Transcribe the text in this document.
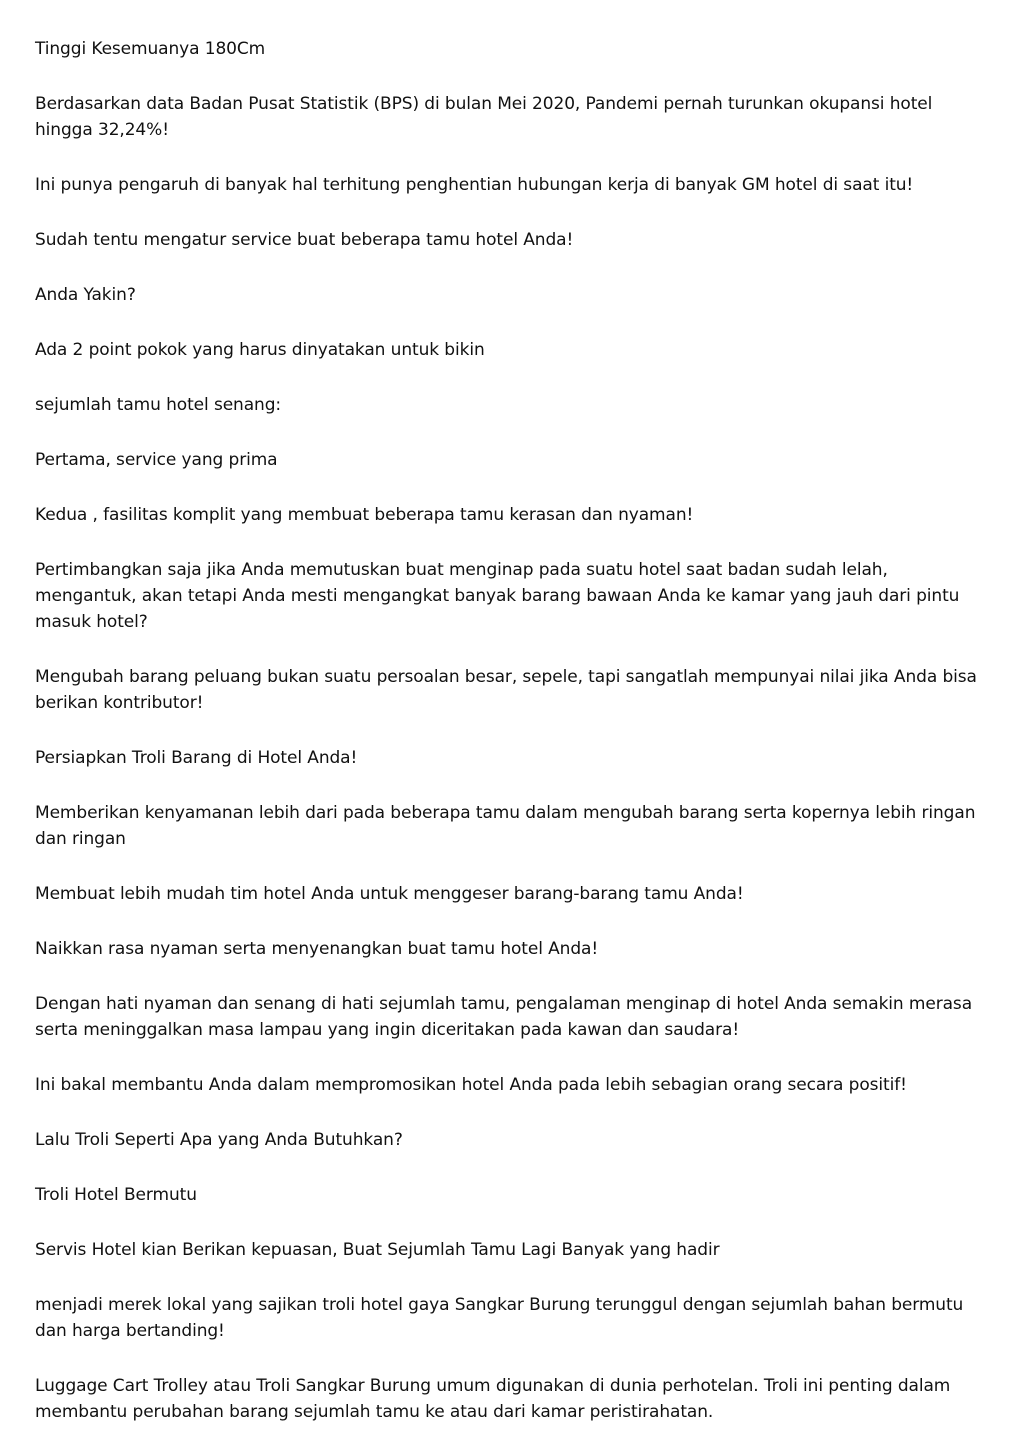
Tinggi Kesemuanya 180Cm

Berdasarkan data Badan Pusat Statistik (BPS) di bulan Mei 2020, Pandemi pernah turunkan okupansi hotel hingga 32,24%!

Ini punya pengaruh di banyak hal terhitung penghentian hubungan kerja di banyak GM hotel di saat itu!

Sudah tentu mengatur service buat beberapa tamu hotel Anda!

Anda Yakin?

Ada 2 point pokok yang harus dinyatakan untuk bikin

sejumlah tamu hotel senang:

Pertama, service yang prima

Kedua , fasilitas komplit yang membuat beberapa tamu kerasan dan nyaman!

Pertimbangkan saja jika Anda memutuskan buat menginap pada suatu hotel saat badan sudah lelah, mengantuk, akan tetapi Anda mesti mengangkat banyak barang bawaan Anda ke kamar yang jauh dari pintu masuk hotel?

Mengubah barang peluang bukan suatu persoalan besar, sepele, tapi sangatlah mempunyai nilai jika Anda bisa berikan kontributor!

Persiapkan Troli Barang di Hotel Anda!

Memberikan kenyamanan lebih dari pada beberapa tamu dalam mengubah barang serta kopernya lebih ringan dan ringan

Membuat lebih mudah tim hotel Anda untuk menggeser barang-barang tamu Anda!

Naikkan rasa nyaman serta menyenangkan buat tamu hotel Anda!

Dengan hati nyaman dan senang di hati sejumlah tamu, pengalaman menginap di hotel Anda semakin merasa serta meninggalkan masa lampau yang ingin diceritakan pada kawan dan saudara!

Ini bakal membantu Anda dalam mempromosikan hotel Anda pada lebih sebagian orang secara positif!

Lalu Troli Seperti Apa yang Anda Butuhkan?

Troli Hotel Bermutu

Servis Hotel kian Berikan kepuasan, Buat Sejumlah Tamu Lagi Banyak yang hadir

menjadi merek lokal yang sajikan troli hotel gaya Sangkar Burung terunggul dengan sejumlah bahan bermutu dan harga bertanding!

Luggage Cart Trolley atau Troli Sangkar Burung umum digunakan di dunia perhotelan. Troli ini penting dalam membantu perubahan barang sejumlah tamu ke atau dari kamar peristirahatan.
